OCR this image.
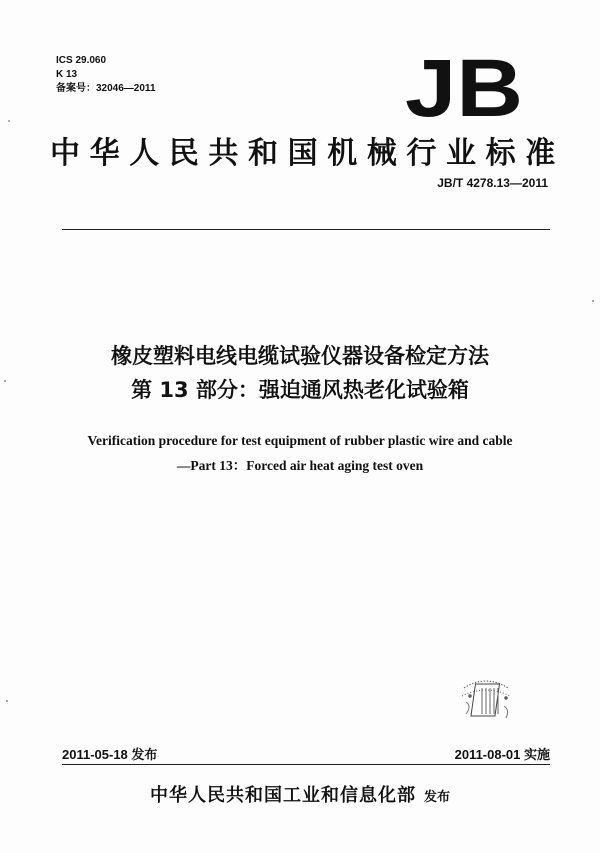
ICS 29.060
K 13
备案号：32046—2011	JB
中华人民共和国机械行业标准
JB/T 4278.13—2011
橡皮塑料电线电缆试验仪器设备检定方法
第 13 部分：强迫通风热老化试验箱
Verification procedure for test equipment of rubber plastic wire and cable
—Part 13：Forced air heat aging test oven
2011-05-18 发布	2011-08-01 实施
中华人民共和国工业和信息化部 发布
